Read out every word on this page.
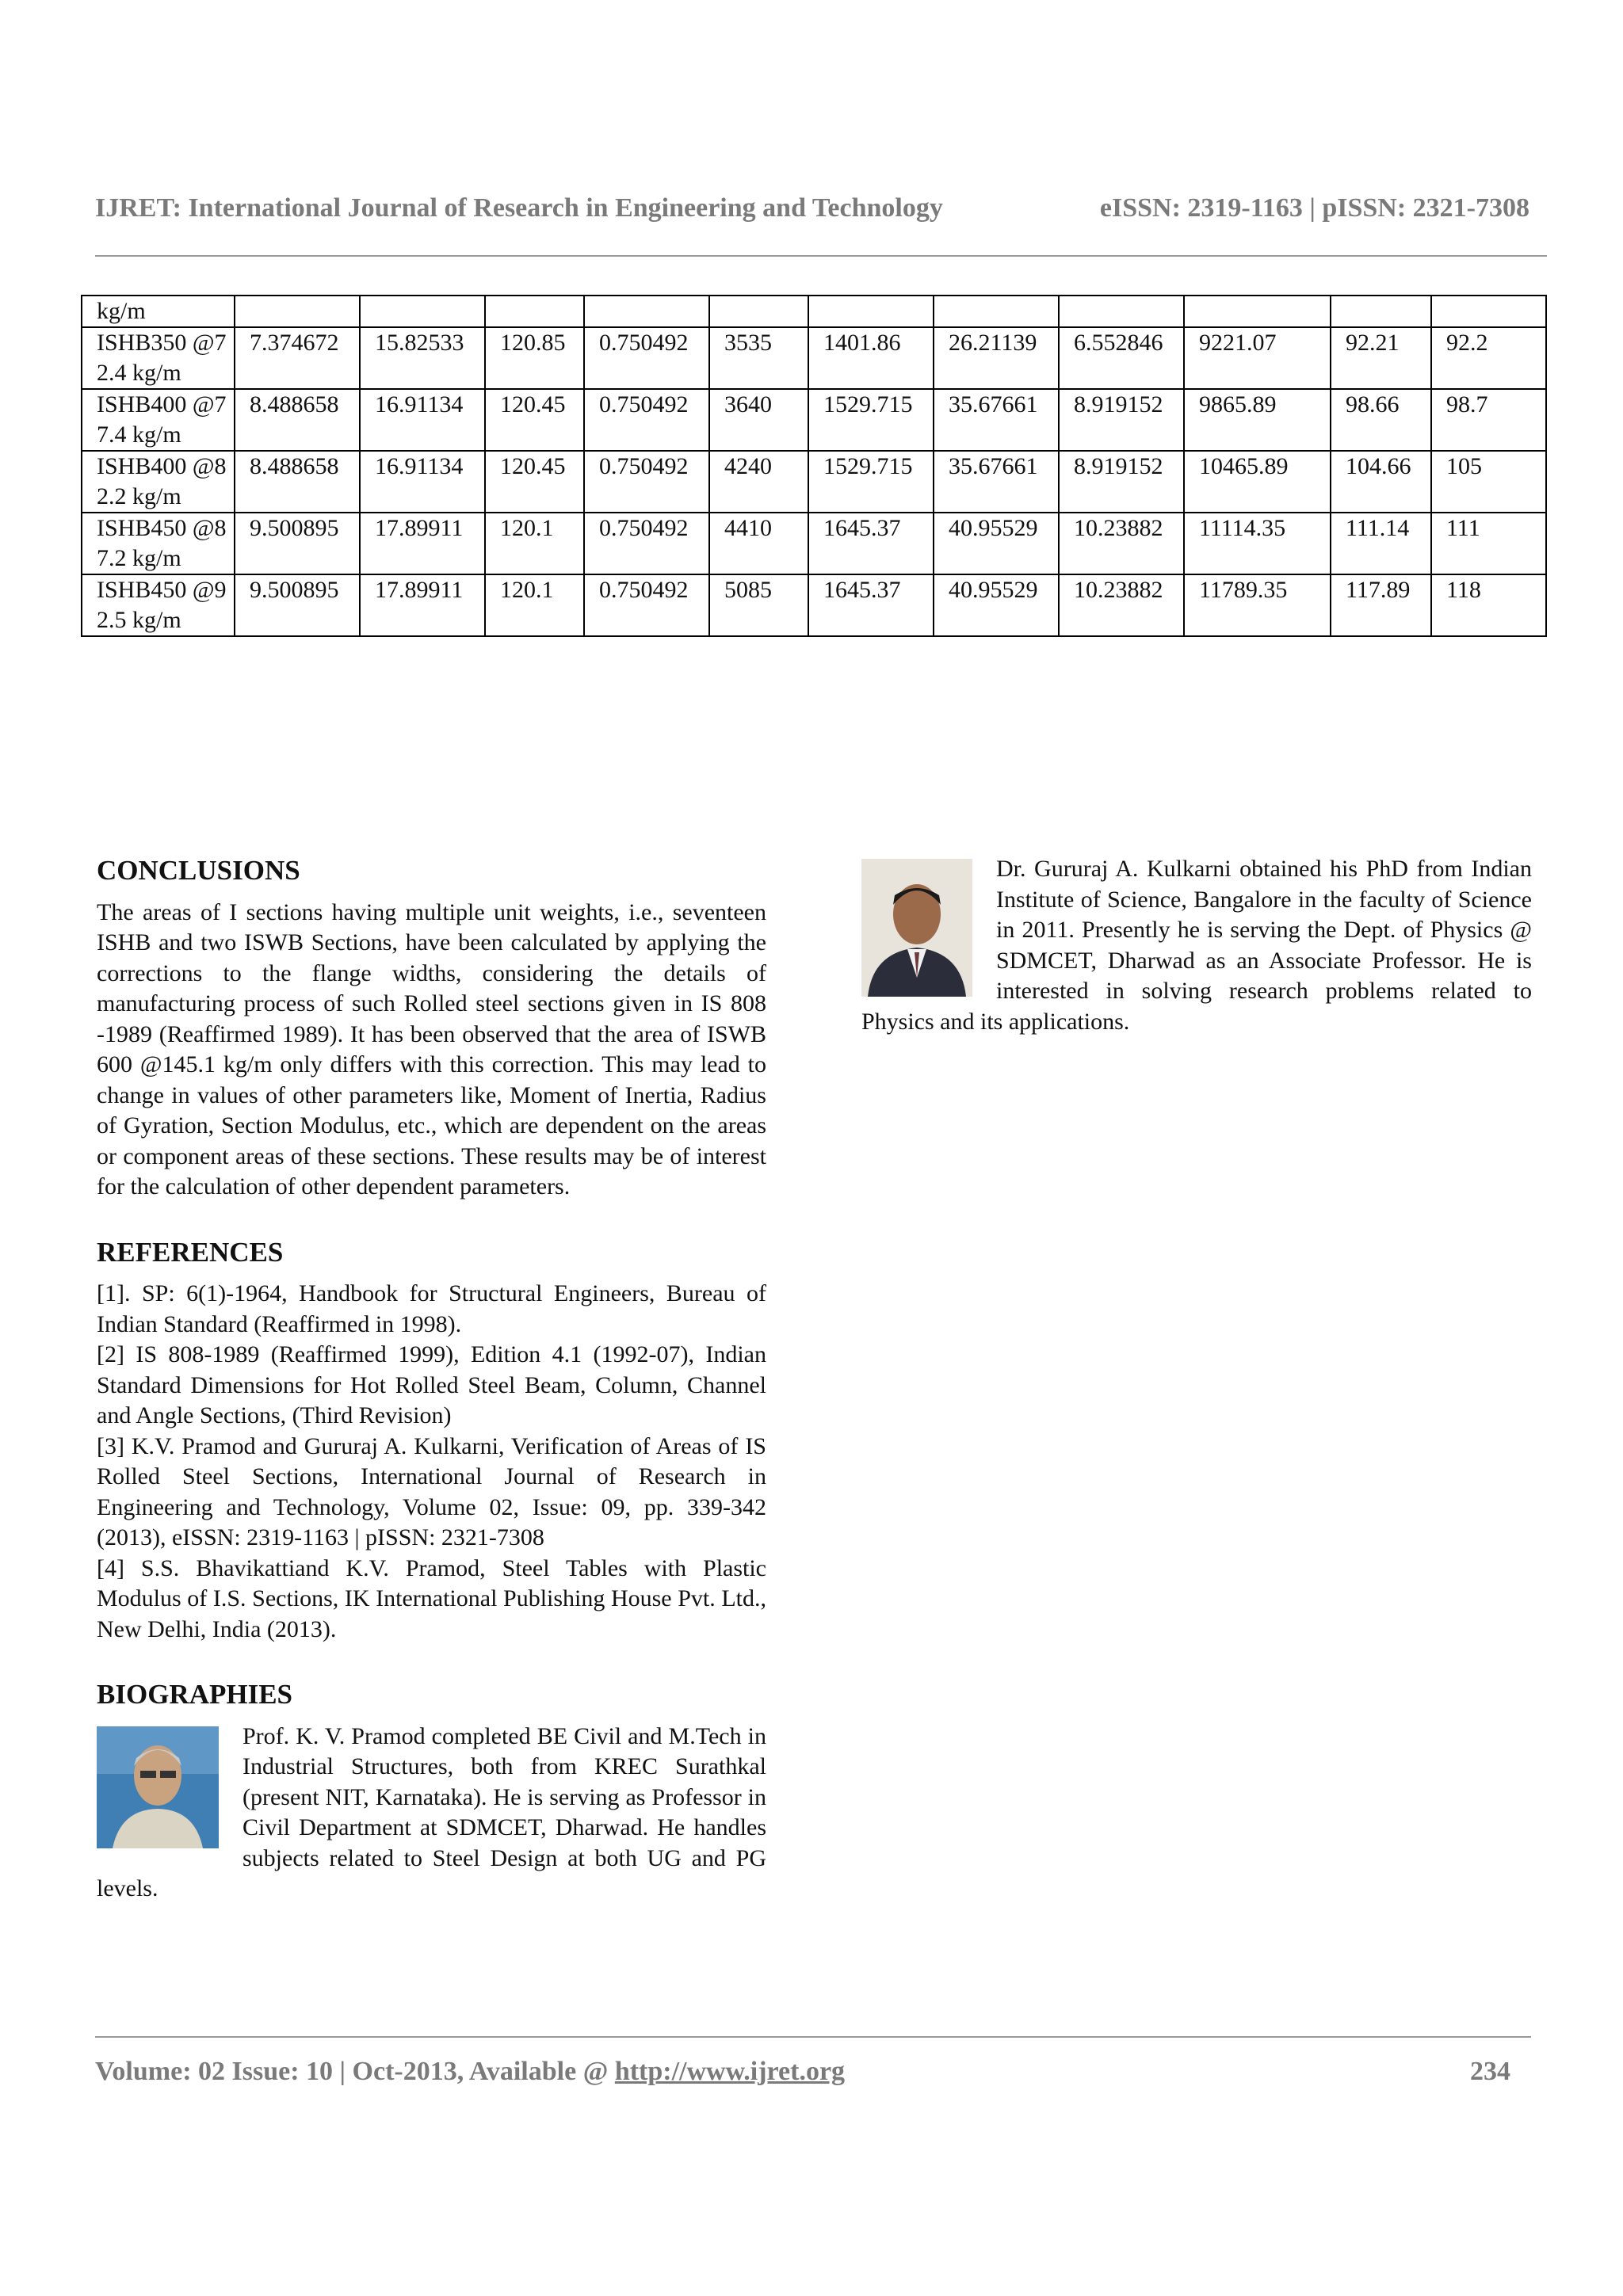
IJRET: International Journal of Research in Engineering and Technology	eISSN: 2319-1163 | pISSN: 2321-7308
kg/m											
ISHB350 @72.4 kg/m	7.374672	15.82533	120.85	0.750492	3535	1401.86	26.21139	6.552846	9221.07	92.21	92.2
ISHB400 @77.4 kg/m	8.488658	16.91134	120.45	0.750492	3640	1529.715	35.67661	8.919152	9865.89	98.66	98.7
ISHB400 @82.2 kg/m	8.488658	16.91134	120.45	0.750492	4240	1529.715	35.67661	8.919152	10465.89	104.66	105
ISHB450 @87.2 kg/m	9.500895	17.89911	120.1	0.750492	4410	1645.37	40.95529	10.23882	11114.35	111.14	111
ISHB450 @92.5 kg/m	9.500895	17.89911	120.1	0.750492	5085	1645.37	40.95529	10.23882	11789.35	117.89	118
CONCLUSIONS

The areas of I sections having multiple unit weights, i.e., seventeen ISHB and two ISWB Sections, have been calculated by applying the corrections to the flange widths, considering the details of manufacturing process of such Rolled steel sections given in IS 808 -1989 (Reaffirmed 1989). It has been observed that the area of ISWB 600 @145.1 kg/m only differs with this correction. This may lead to change in values of other parameters like, Moment of Inertia, Radius of Gyration, Section Modulus, etc., which are dependent on the areas or component areas of these sections. These results may be of interest for the calculation of other dependent parameters.

REFERENCES

[1]. SP: 6(1)-1964, Handbook for Structural Engineers, Bureau of Indian Standard (Reaffirmed in 1998).

[2] IS 808-1989 (Reaffirmed 1999), Edition 4.1 (1992-07), Indian Standard Dimensions for Hot Rolled Steel Beam, Column, Channel and Angle Sections, (Third Revision)

[3] K.V. Pramod and Gururaj A. Kulkarni, Verification of Areas of IS Rolled Steel Sections, International Journal of Research in Engineering and Technology, Volume 02, Issue: 09, pp. 339-342 (2013), eISSN: 2319-1163 | pISSN: 2321-7308

[4] S.S. Bhavikattiand K.V. Pramod, Steel Tables with Plastic Modulus of I.S. Sections, IK International Publishing House Pvt. Ltd., New Delhi, India (2013).

BIOGRAPHIES

Prof. K. V. Pramod completed BE Civil and M.Tech in Industrial Structures, both from KREC Surathkal (present NIT, Karnataka). He is serving as Professor in Civil Department at SDMCET, Dharwad. He handles subjects related to Steel Design at both UG and PG levels.

Dr. Gururaj A. Kulkarni obtained his PhD from Indian Institute of Science, Bangalore in the faculty of Science in 2011. Presently he is serving the Dept. of Physics @ SDMCET, Dharwad as an Associate Professor. He is interested in solving research problems related to Physics and its applications.

Volume: 02 Issue: 10 | Oct-2013, Available @ http://www.ijret.org	234
